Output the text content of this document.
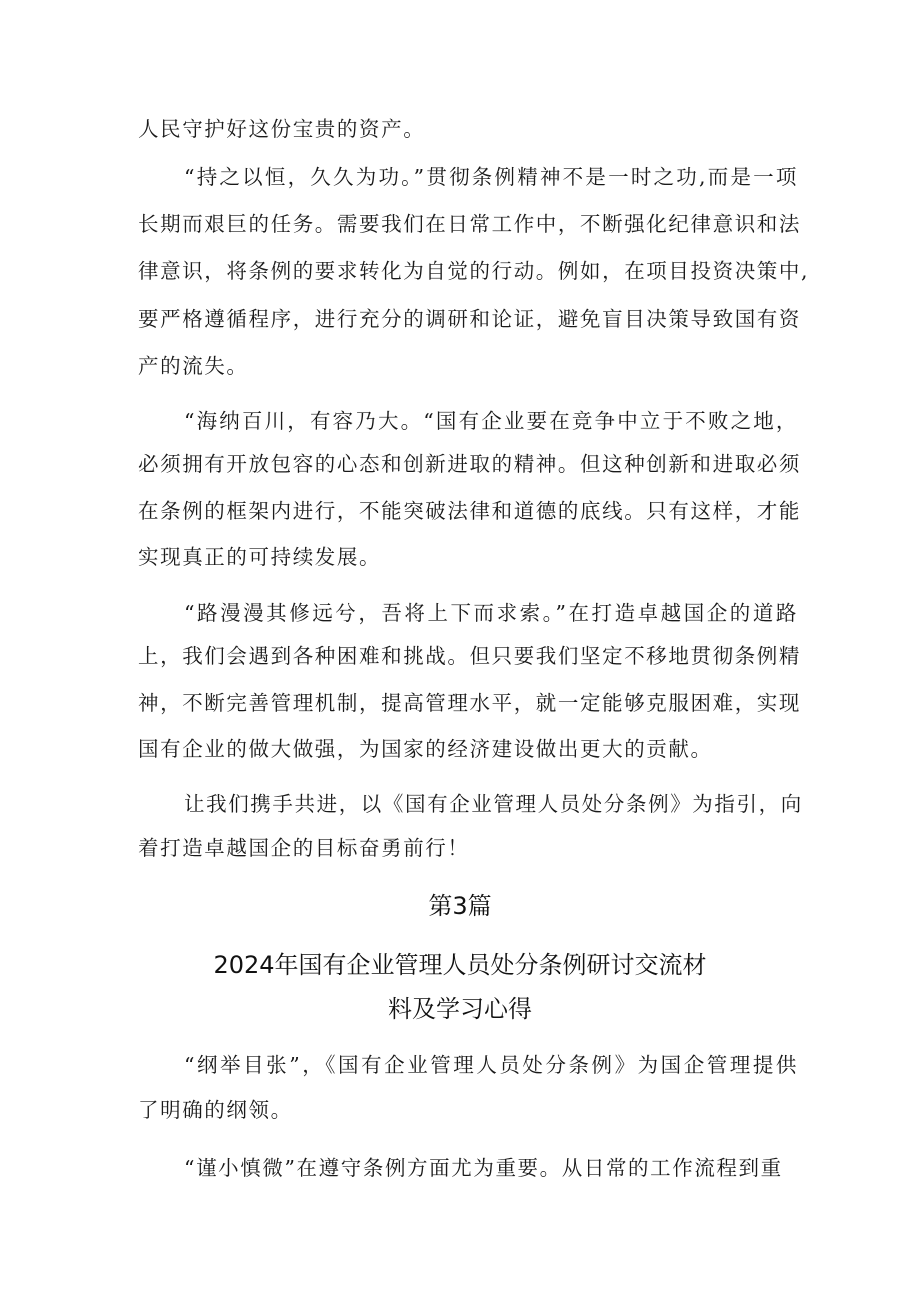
人民守护好这份宝贵的资产。
“持之以恒，久久为功。”贯彻条例精神不是一时之功,而是一项
长期而艰巨的任务。需要我们在日常工作中，不断强化纪律意识和法
律意识，将条例的要求转化为自觉的行动。例如，在项目投资决策中,
要严格遵循程序，进行充分的调研和论证，避免盲目决策导致国有资
产的流失。
“海纳百川，有容乃大。“国有企业要在竞争中立于不败之地，
必须拥有开放包容的心态和创新进取的精神。但这种创新和进取必须
在条例的框架内进行，不能突破法律和道德的底线。只有这样，才能
实现真正的可持续发展。
“路漫漫其修远兮，吾将上下而求索。”在打造卓越国企的道路
上，我们会遇到各种困难和挑战。但只要我们坚定不移地贯彻条例精
神，不断完善管理机制，提高管理水平，就一定能够克服困难，实现
国有企业的做大做强，为国家的经济建设做出更大的贡献。
让我们携手共进，以《国有企业管理人员处分条例》为指引，向
着打造卓越国企的目标奋勇前行！
第3篇
2024年国有企业管理人员处分条例研讨交流材
料及学习心得
“纲举目张”，《国有企业管理人员处分条例》为国企管理提供
了明确的纲领。
“谨小慎微”在遵守条例方面尤为重要。从日常的工作流程到重
